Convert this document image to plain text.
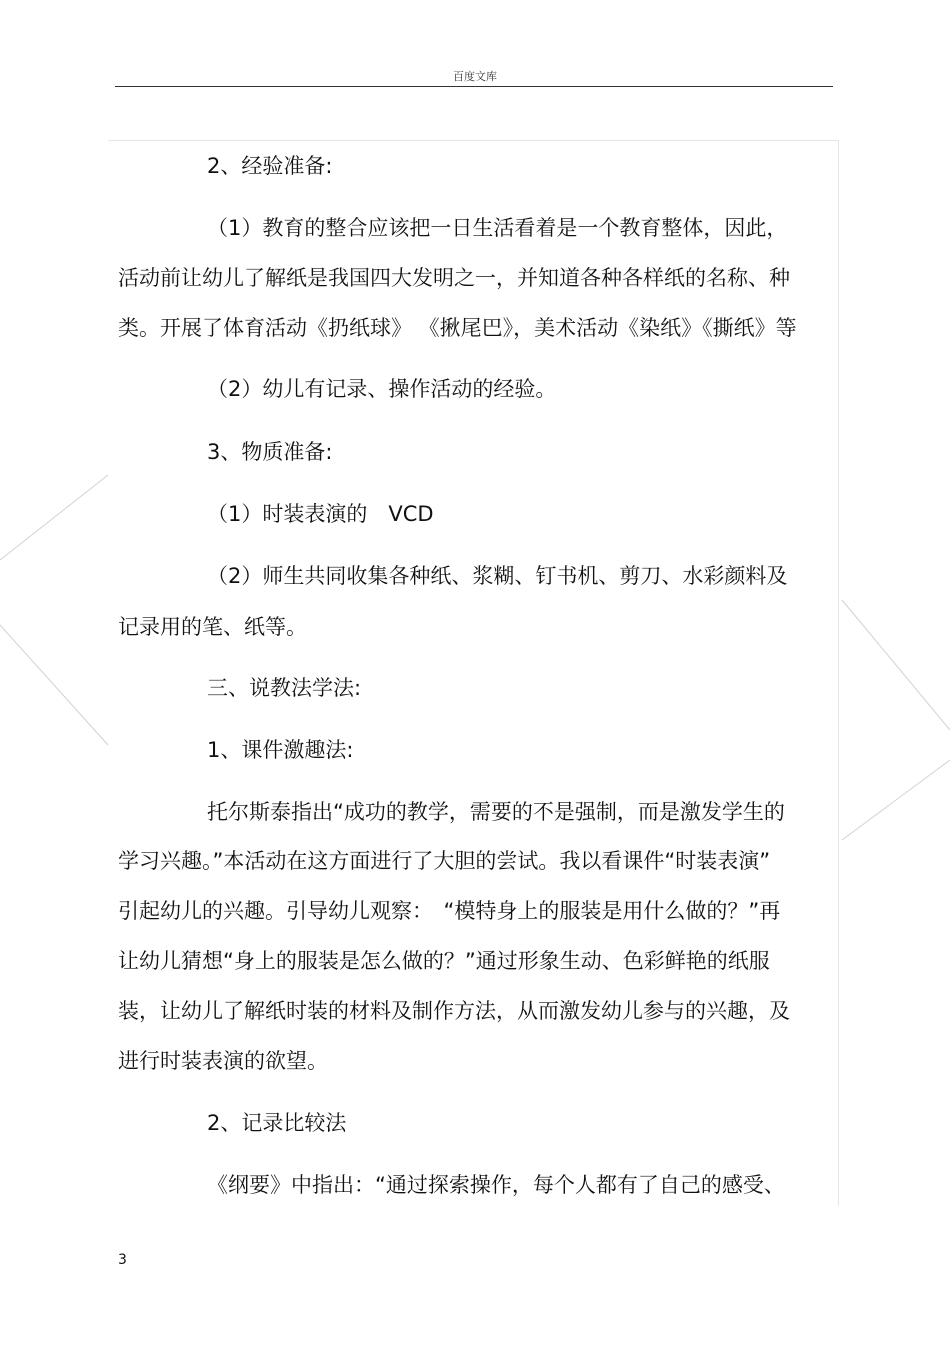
百度文库
2、经验准备:
（1）教育的整合应该把一日生活看着是一个教育整体，因此，
活动前让幼儿了解纸是我国四大发明之一，并知道各种各样纸的名称、种
类。开展了体育活动《扔纸球》 《揪尾巴》，美术活动《染纸》《撕纸》等
（2）幼儿有记录、操作活动的经验。
3、物质准备:
（1）时装表演的　VCD
（2）师生共同收集各种纸、浆糊、钉书机、剪刀、水彩颜料及
记录用的笔、纸等。
三、说教法学法:
1、课件激趣法:
托尔斯泰指出“成功的教学，需要的不是强制，而是激发学生的
学习兴趣。”本活动在这方面进行了大胆的尝试。我以看课件“时装表演”
引起幼儿的兴趣。引导幼儿观察：　“模特身上的服装是用什么做的？”再
让幼儿猜想“身上的服装是怎么做的？”通过形象生动、色彩鲜艳的纸服
装，让幼儿了解纸时装的材料及制作方法，从而激发幼儿参与的兴趣，及
进行时装表演的欲望。
2、记录比较法
《纲要》中指出：“通过探索操作，每个人都有了自己的感受、
3
